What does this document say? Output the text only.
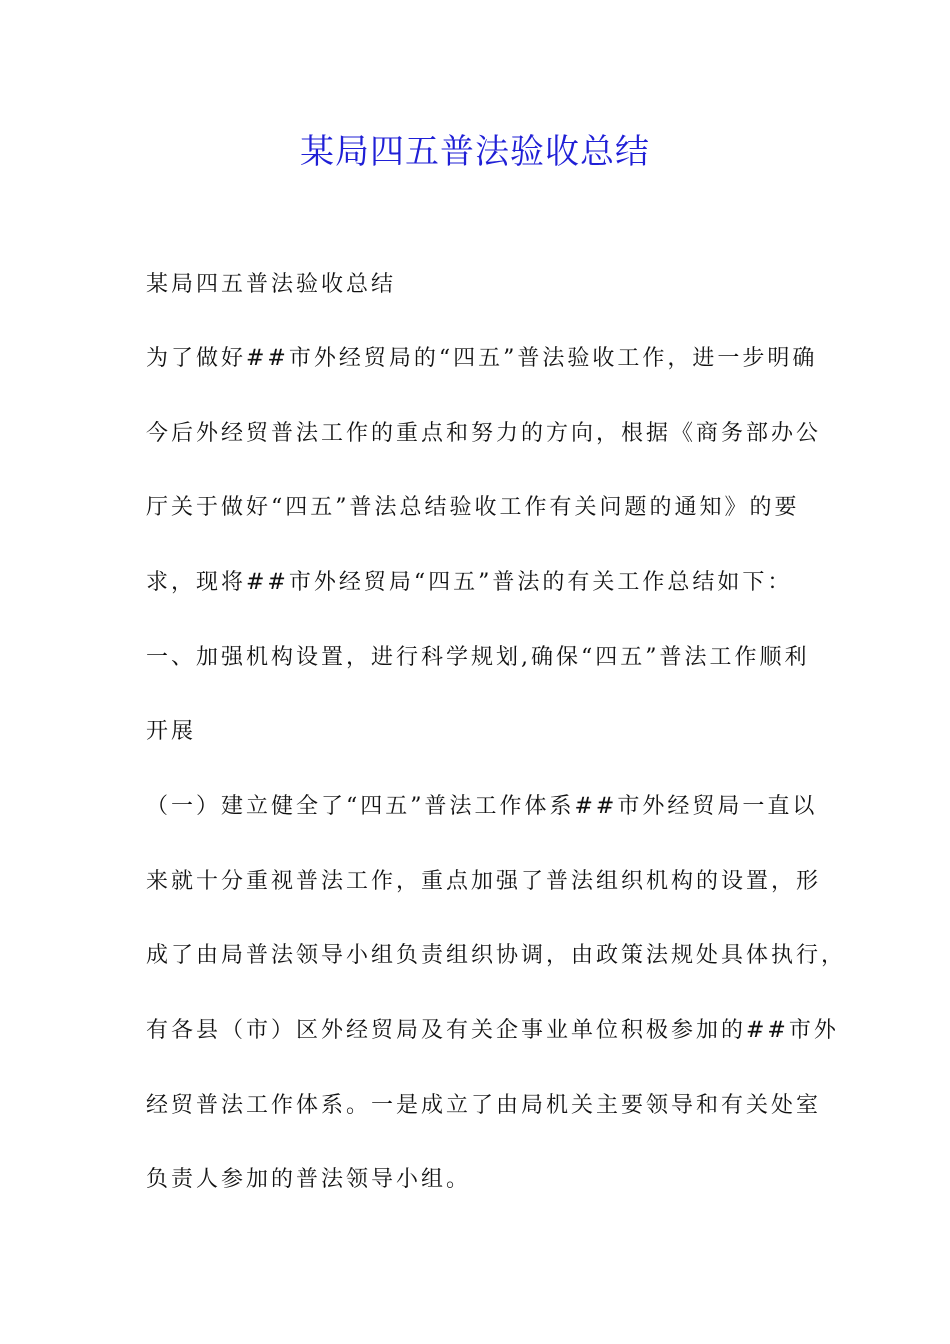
某局四五普法验收总结
某局四五普法验收总结
为了做好##市外经贸局的“四五”普法验收工作，进一步明确
今后外经贸普法工作的重点和努力的方向，根据《商务部办公
厅关于做好“四五”普法总结验收工作有关问题的通知》的要
求，现将##市外经贸局“四五”普法的有关工作总结如下：
一、加强机构设置，进行科学规划,确保“四五”普法工作顺利
开展
（一）建立健全了“四五”普法工作体系##市外经贸局一直以
来就十分重视普法工作，重点加强了普法组织机构的设置，形
成了由局普法领导小组负责组织协调，由政策法规处具体执行，
有各县（市）区外经贸局及有关企事业单位积极参加的##市外
经贸普法工作体系。一是成立了由局机关主要领导和有关处室
负责人参加的普法领导小组。
